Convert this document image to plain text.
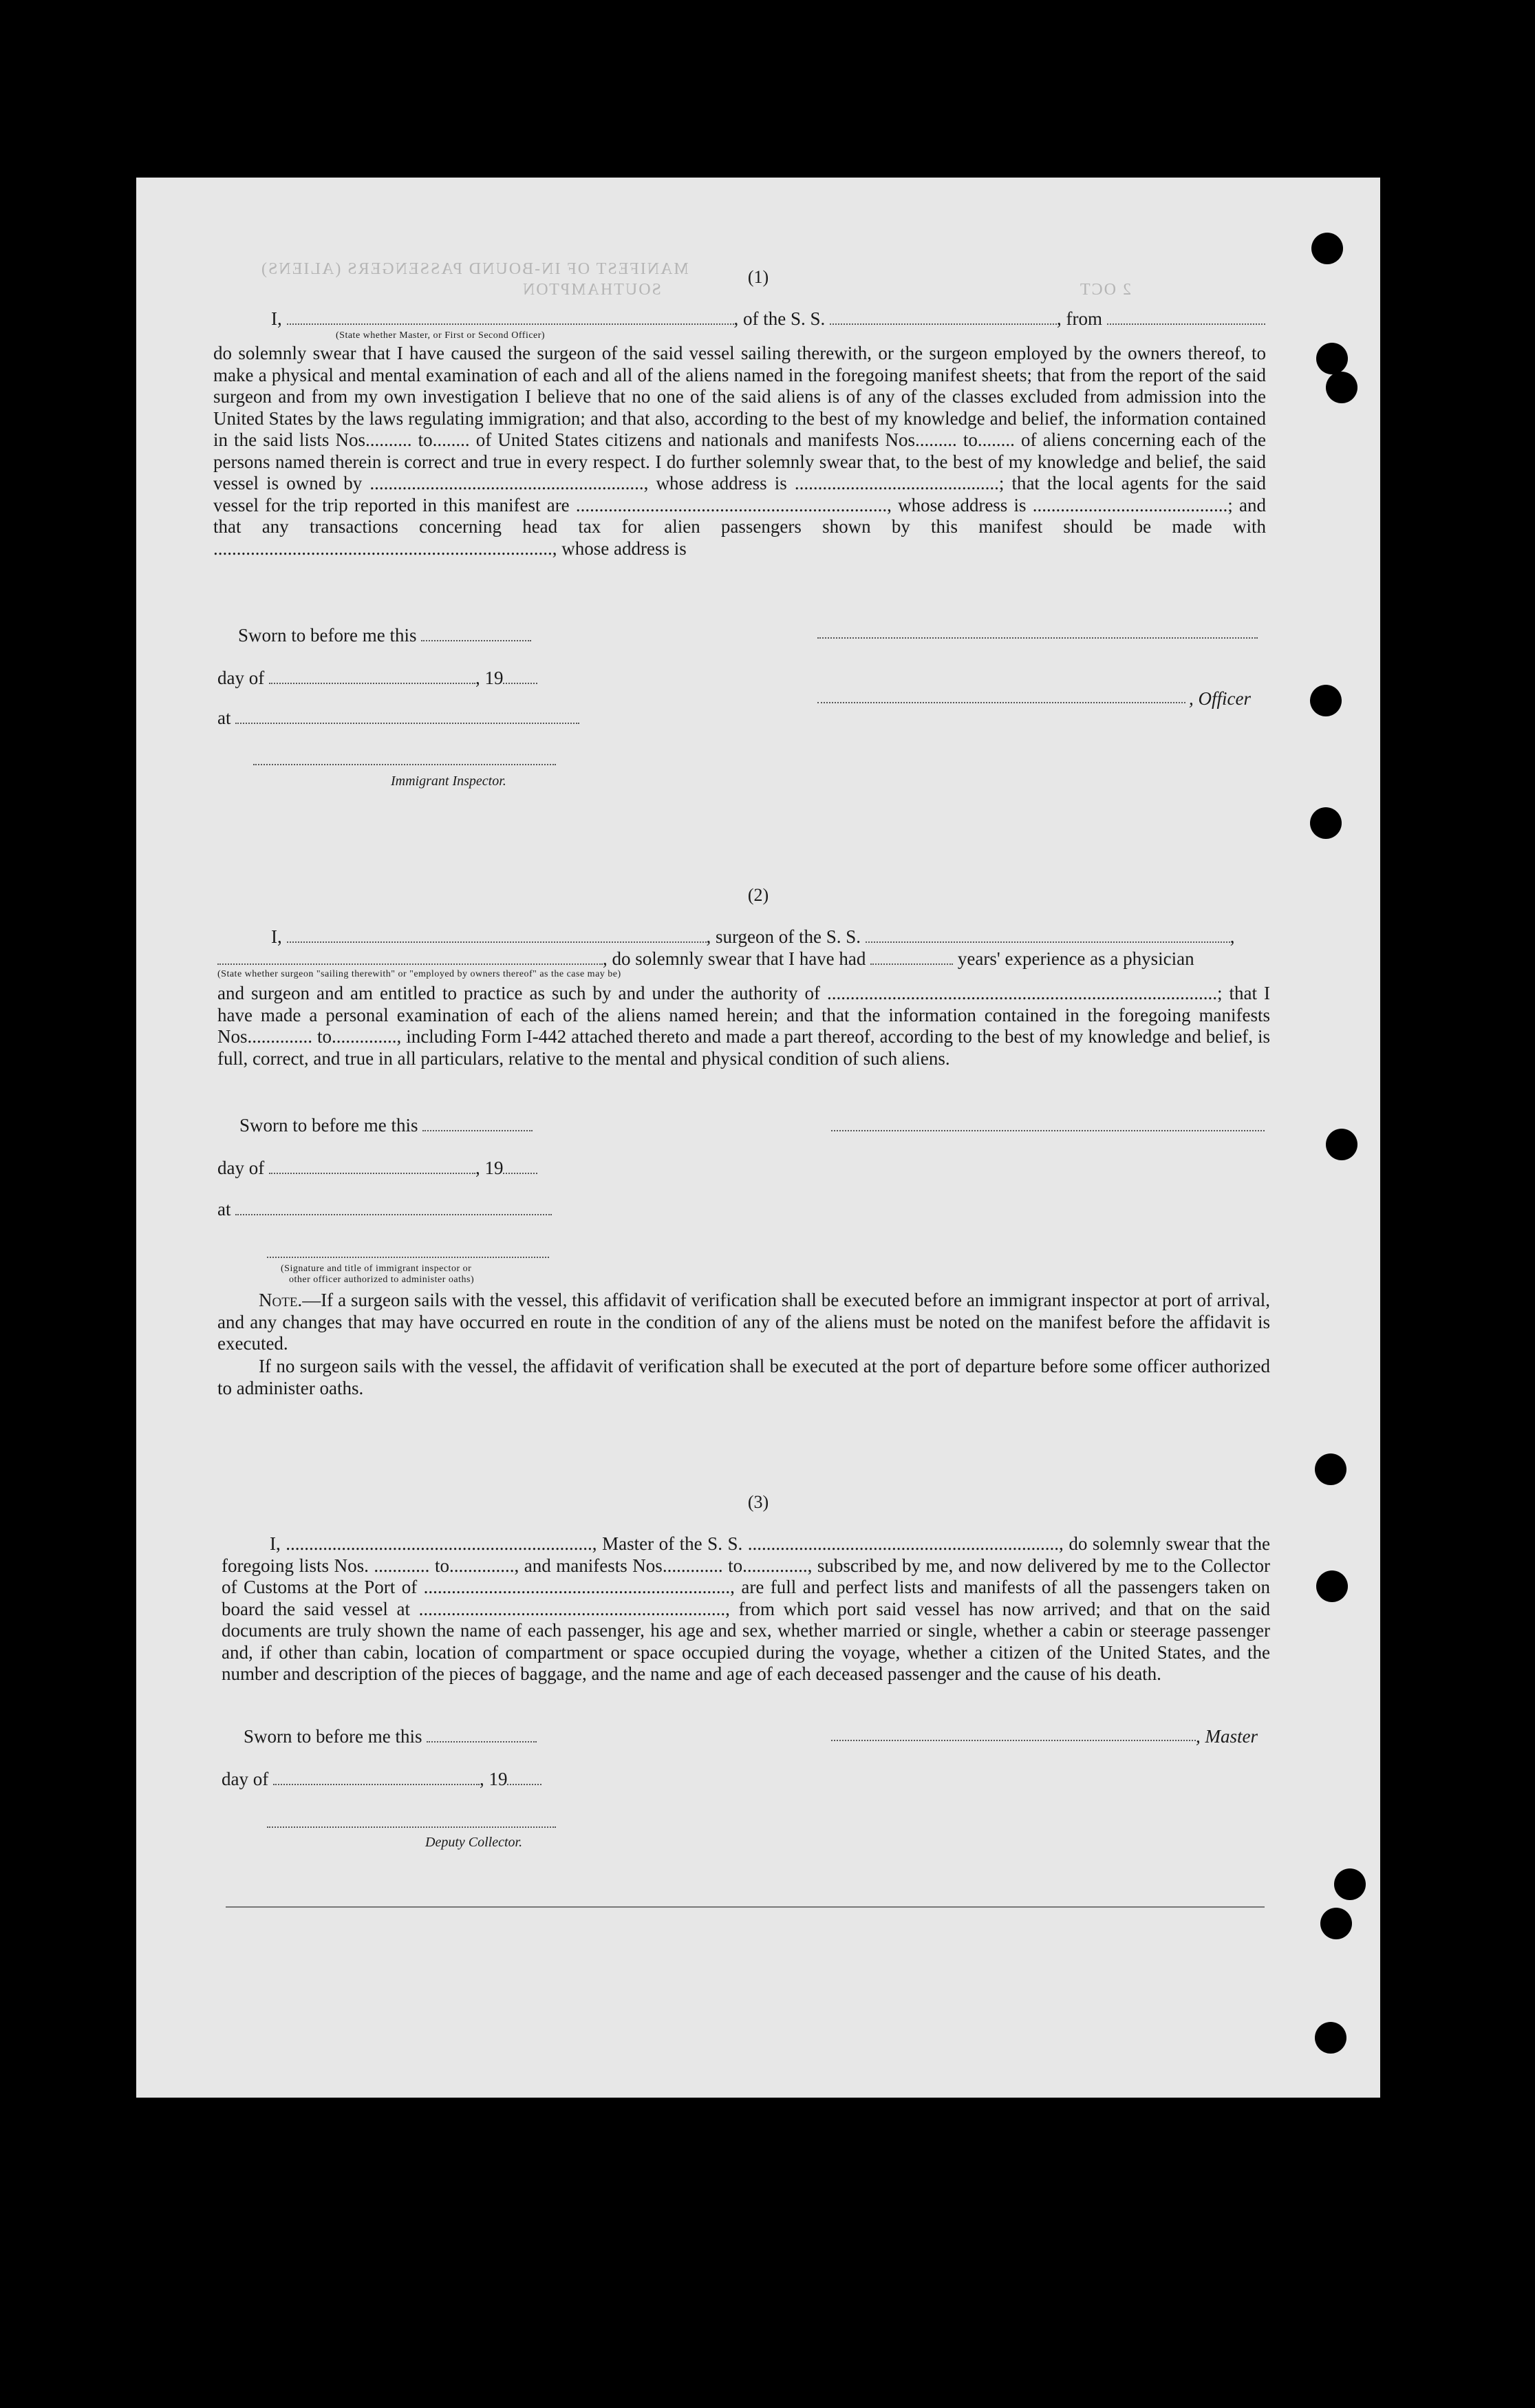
MANIFEST OF IN-BOUND PASSENGERS (ALIENS)
SOUTHAMPTON	2 OCT
(1)
I,	, of the S. S.	, from
(State whether Master, or First or Second Officer)
do solemnly swear that I have caused the surgeon of the said vessel sailing therewith, or the surgeon employed by the owners thereof, to make a physical and mental examination of each and all of the aliens named in the foregoing manifest sheets; that from the report of the said surgeon and from my own investigation I believe that no one of the said aliens is of any of the classes excluded from admission into the United States by the laws regulating immigration; and that also, according to the best of my knowledge and belief, the information contained in the said lists Nos.......... to........ of United States citizens and nationals and manifests Nos......... to........ of aliens concerning each of the persons named therein is correct and true in every respect. I do further solemnly swear that, to the best of my knowledge and belief, the said vessel is owned by ..........................................................., whose address is ............................................; that the local agents for the said vessel for the trip reported in this manifest are ..................................................................., whose address is ..........................................; and that any transactions concerning head tax for alien passengers shown by this manifest should be made with ........................................................................., whose address is
Sworn to before me this
day of	, 19
at
, Officer
Immigrant Inspector.
(2)
I,	, surgeon of the S. S.	,
, do solemnly swear that I have had	years' experience as a physician
(State whether surgeon "sailing therewith" or "employed by owners thereof" as the case may be)
and surgeon and am entitled to practice as such by and under the authority of ....................................................................................; that I have made a personal examination of each of the aliens named herein; and that the information contained in the foregoing manifests Nos.............. to.............., including Form I-442 attached thereto and made a part thereof, according to the best of my knowledge and belief, is full, correct, and true in all particulars, relative to the mental and physical condition of such aliens.
Sworn to before me this
day of	, 19
at
(Signature and title of immigrant inspector or
other officer authorized to administer oaths)
Note.—If a surgeon sails with the vessel, this affidavit of verification shall be executed before an immigrant inspector at port of arrival, and any changes that may have occurred en route in the condition of any of the aliens must be noted on the manifest before the affidavit is executed.
If no surgeon sails with the vessel, the affidavit of verification shall be executed at the port of departure before some officer authorized to administer oaths.
(3)
I, .................................................................., Master of the S. S. ..................................................................., do solemnly swear that the foregoing lists Nos. ............ to.............., and manifests Nos............. to.............., subscribed by me, and now delivered by me to the Collector of Customs at the Port of .................................................................., are full and perfect lists and manifests of all the passengers taken on board the said vessel at .................................................................., from which port said vessel has now arrived; and that on the said documents are truly shown the name of each passenger, his age and sex, whether married or single, whether a cabin or steerage passenger and, if other than cabin, location of compartment or space occupied during the voyage, whether a citizen of the United States, and the number and description of the pieces of baggage, and the name and age of each deceased passenger and the cause of his death.
Sworn to before me this	, Master
day of	, 19
Deputy Collector.
